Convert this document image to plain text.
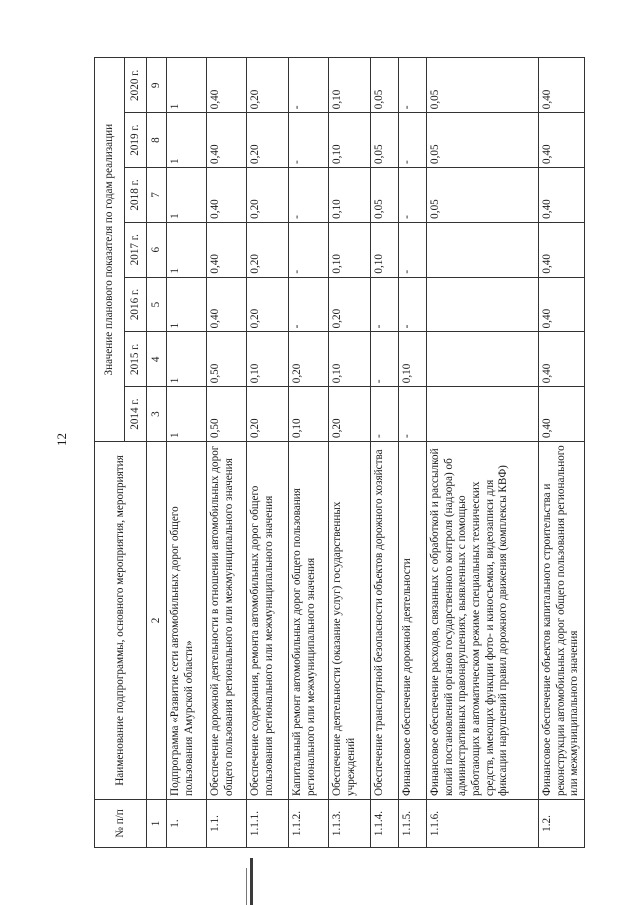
12
№ п/п	Наименование подпрограммы, основного мероприятия, мероприятия	Значение планового показателя по годам реализации						
		2014 г.	2015 г.	2016 г.	2017 г.	2018 г.	2019 г.	2020 г.
1	2	3	4	5	6	7	8	9
1.	Подпрограмма «Развитие сети автомобильных дорог общего пользования Амурской области»	1	1	1	1	1	1	1
1.1.	Обеспечение дорожной деятельности в отношении автомобильных дорог общего пользования регионального или межмуниципального значения	0,50	0,50	0,40	0,40	0,40	0,40	0,40
1.1.1.	Обеспечение содержания, ремонта автомобильных дорог общего пользования регионального или межмуниципального значения	0,20	0,10	0,20	0,20	0,20	0,20	0,20
1.1.2.	Капитальный ремонт автомобильных дорог общего пользования регионального или межмуниципального значения	0,10	0,20	-	-	-	-	-
1.1.3.	Обеспечение деятельности (оказание услуг) государственных учреждений	0,20	0,10	0,20	0,10	0,10	0,10	0,10
1.1.4.	Обеспечение транспортной безопасности объектов дорожного хозяйства	-	-	-	0,10	0,05	0,05	0,05
1.1.5.	Финансовое обеспечение дорожной деятельности	-	0,10	-	-	-	-	-
1.1.6.	Финансовое обеспечение расходов, связанных с обработкой и рассылкой копий постановлений органов государственного контроля (надзора) об административных правонарушениях, выявленных с помощью работающих в автоматическом режиме специальных технических средств, имеющих функции фото- и киносъемки, видеозаписи для фиксации нарушений правил дорожного движения (комплексы КВФ)					0,05	0,05	0,05
1.2.	Финансовое обеспечение объектов капитального строительства и реконструкции автомобильных дорог общего пользования регионального или межмуниципального значения	0,40	0,40	0,40	0,40	0,40	0,40	0,40
